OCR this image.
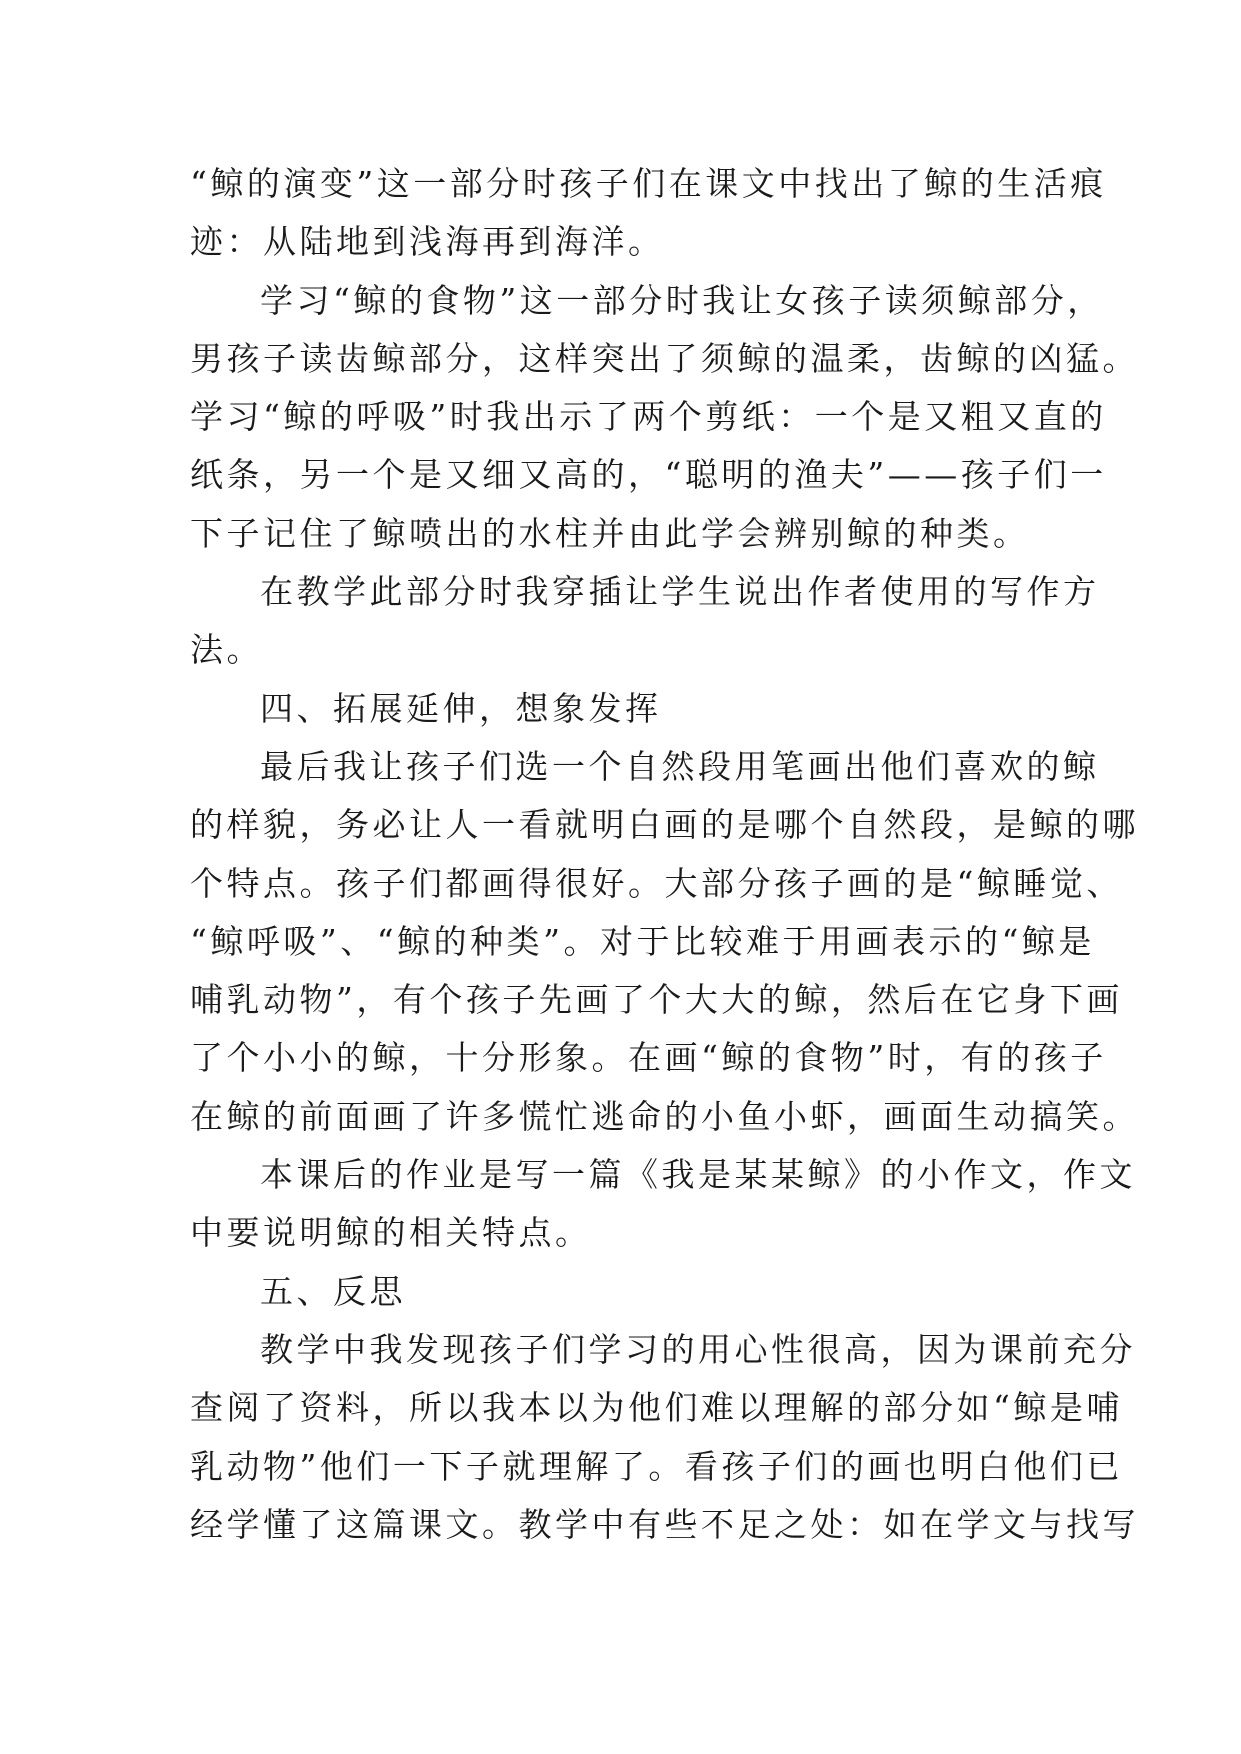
“鲸的演变”这一部分时孩子们在课文中找出了鲸的生活痕
迹：从陆地到浅海再到海洋。
学习“鲸的食物”这一部分时我让女孩子读须鲸部分，
男孩子读齿鲸部分，这样突出了须鲸的温柔，齿鲸的凶猛。
学习“鲸的呼吸”时我出示了两个剪纸：一个是又粗又直的
纸条，另一个是又细又高的，“聪明的渔夫”——孩子们一
下子记住了鲸喷出的水柱并由此学会辨别鲸的种类。
在教学此部分时我穿插让学生说出作者使用的写作方
法。
四、拓展延伸，想象发挥
最后我让孩子们选一个自然段用笔画出他们喜欢的鲸
的样貌，务必让人一看就明白画的是哪个自然段，是鲸的哪
个特点。孩子们都画得很好。大部分孩子画的是“鲸睡觉、
“鲸呼吸”、“鲸的种类”。对于比较难于用画表示的“鲸是
哺乳动物”，有个孩子先画了个大大的鲸，然后在它身下画
了个小小的鲸，十分形象。在画“鲸的食物”时，有的孩子
在鲸的前面画了许多慌忙逃命的小鱼小虾，画面生动搞笑。
本课后的作业是写一篇《我是某某鲸》的小作文，作文
中要说明鲸的相关特点。
五、反思
教学中我发现孩子们学习的用心性很高，因为课前充分
查阅了资料，所以我本以为他们难以理解的部分如“鲸是哺
乳动物”他们一下子就理解了。看孩子们的画也明白他们已
经学懂了这篇课文。教学中有些不足之处：如在学文与找写
